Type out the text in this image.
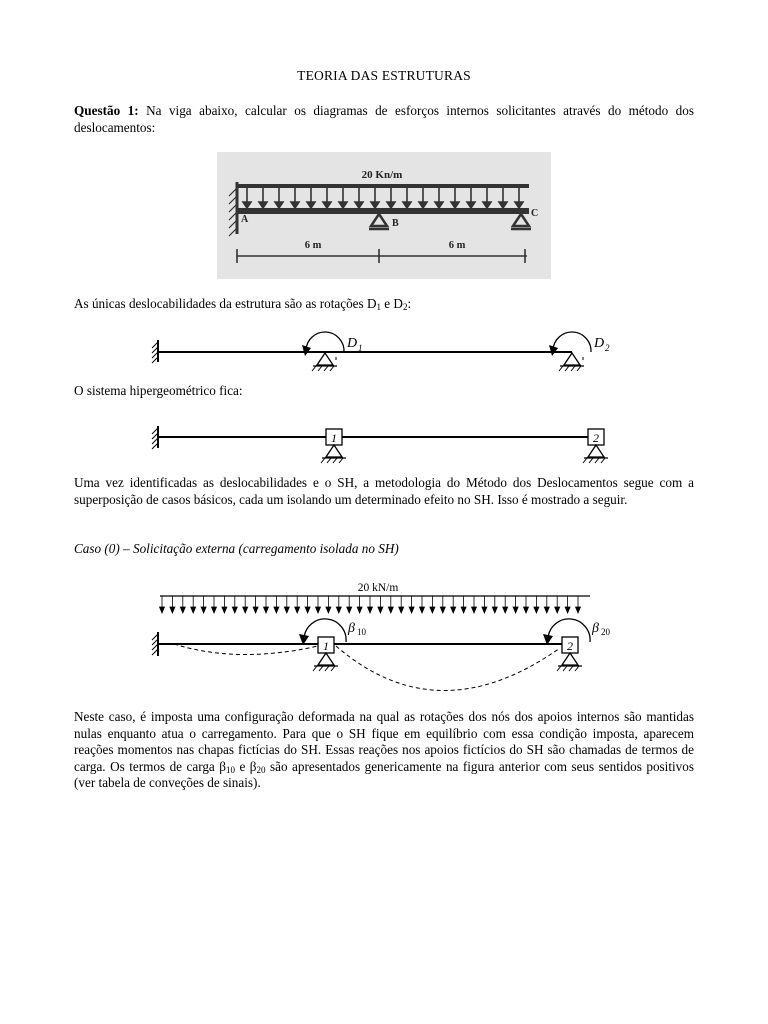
TEORIA DAS ESTRUTURAS
Questão 1: Na viga abaixo, calcular os diagramas de esforços internos solicitantes através do método dos deslocamentos:
20 Kn/m
B
C
A
6 m	6 m
As únicas deslocabilidades da estrutura são as rotações $D_1$ e $D_2$:
D 1	D 2
O sistema hipergeométrico fica:
1	2
Uma vez identificadas as deslocabilidades e o SH, a metodologia do Método dos Deslocamentos segue com a superposição de casos básicos, cada um isolando um determinado efeito no SH. Isso é mostrado a seguir.
Caso (0) – Solicitação externa (carregamento isolada no SH)
20 kN/m
1
β 10
2
β 20
Neste caso, é imposta uma configuração deformada na qual as rotações dos nós dos apoios internos são mantidas nulas enquanto atua o carregamento. Para que o SH fique em equilíbrio com essa condição imposta, aparecem reações momentos nas chapas fictícias do SH. Essas reações nos apoios fictícios do SH são chamadas de termos de carga. Os termos de carga $\beta_{10}$ e $\beta_{20}$ são apresentados genericamente na figura anterior com seus sentidos positivos (ver tabela de conveções de sinais).
